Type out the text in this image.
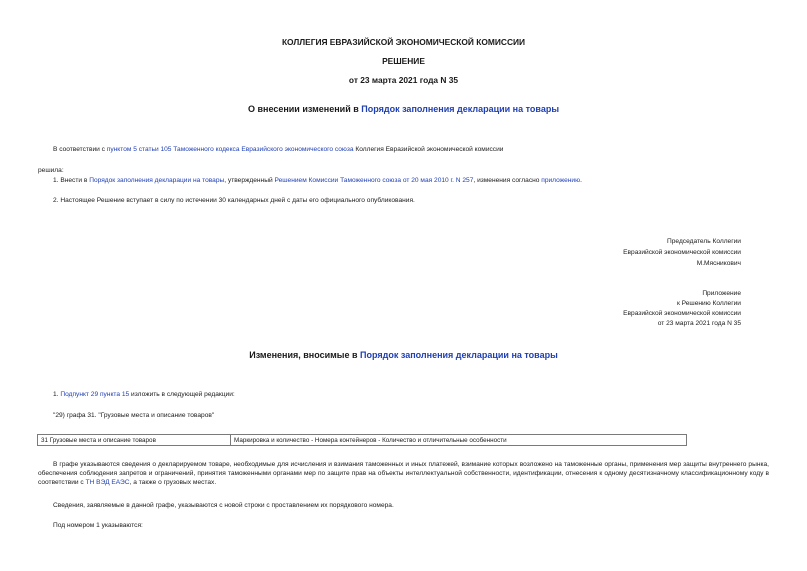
КОЛЛЕГИЯ ЕВРАЗИЙСКОЙ ЭКОНОМИЧЕСКОЙ КОМИССИИ
РЕШЕНИЕ
от 23 марта 2021 года N 35
О внесении изменений в Порядок заполнения декларации на товары
В соответствии с пунктом 5 статьи 105 Таможенного кодекса Евразийского экономического союза Коллегия Евразийской экономической комиссии
решила:
1. Внести в Порядок заполнения декларации на товары, утвержденный Решением Комиссии Таможенного союза от 20 мая 2010 г. N 257, изменения согласно приложению.
2. Настоящее Решение вступает в силу по истечении 30 календарных дней с даты его официального опубликования.
Председатель Коллегии
Евразийской экономической комиссии
М.Мясникович
Приложение
к Решению Коллегии
Евразийской экономической комиссии
от 23 марта 2021 года N 35
Изменения, вносимые в Порядок заполнения декларации на товары
1. Подпункт 29 пункта 15 изложить в следующей редакции:
"29) графа 31. "Грузовые места и описание товаров"
31 Грузовые места и описание товаров	Маркировка и количество - Номера контейнеров - Количество и отличительные особенности
В графе указываются сведения о декларируемом товаре, необходимые для исчисления и взимания таможенных и иных платежей, взимание которых возложено на таможенные органы, применения мер защиты внутреннего рынка, обеспечения соблюдения запретов и ограничений, принятия таможенными органами мер по защите прав на объекты интеллектуальной собственности, идентификации, отнесения к одному десятизначному классификационному коду в соответствии с ТН ВЭД ЕАЭС, а также о грузовых местах.
Сведения, заявляемые в данной графе, указываются с новой строки с проставлением их порядкового номера.
Под номером 1 указываются:
